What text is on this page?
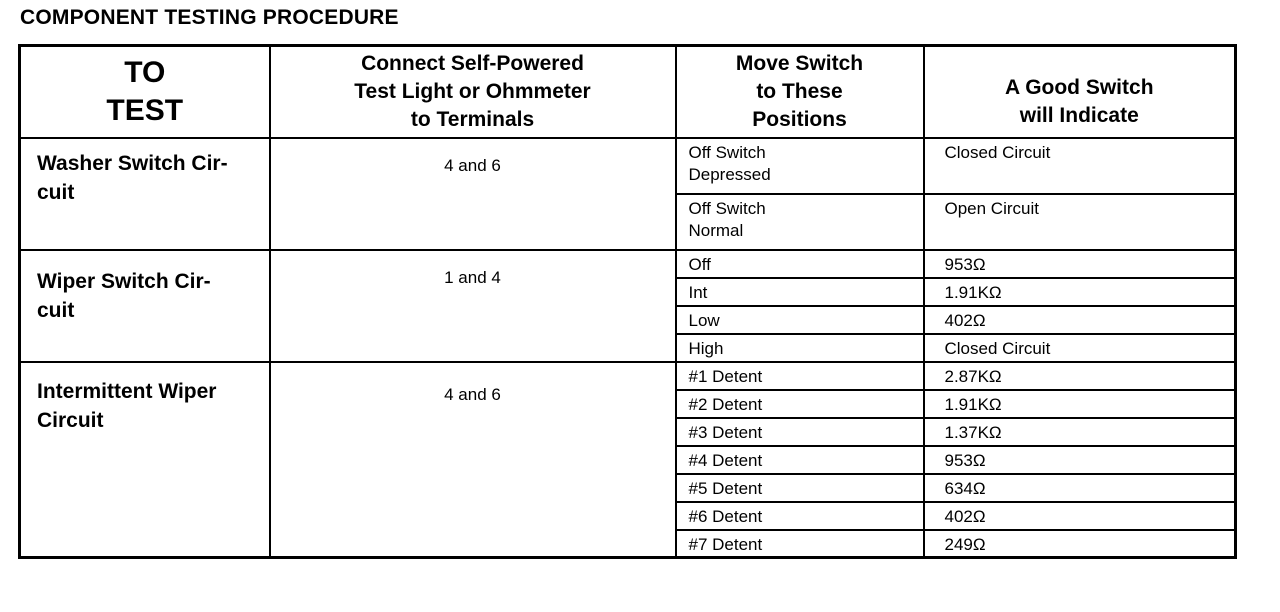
COMPONENT TESTING PROCEDURE
TO
TEST	Connect Self-Powered
Test Light or Ohmmeter
to Terminals	Move Switch
to These
Positions	A Good Switch
will Indicate

Washer Switch Cir-
cuit	4 and 6	Off Switch
Depressed	Closed Circuit

		Off Switch
Normal	Open Circuit

Wiper Switch Cir-
cuit	1 and 4	Off	953Ω
		Int	1.91KΩ
		Low	402Ω
		High	Closed Circuit

Intermittent Wiper
Circuit	4 and 6	#1 Detent	2.87KΩ
		#2 Detent	1.91KΩ
		#3 Detent	1.37KΩ
		#4 Detent	953Ω
		#5 Detent	634Ω
		#6 Detent	402Ω
		#7 Detent	249Ω
